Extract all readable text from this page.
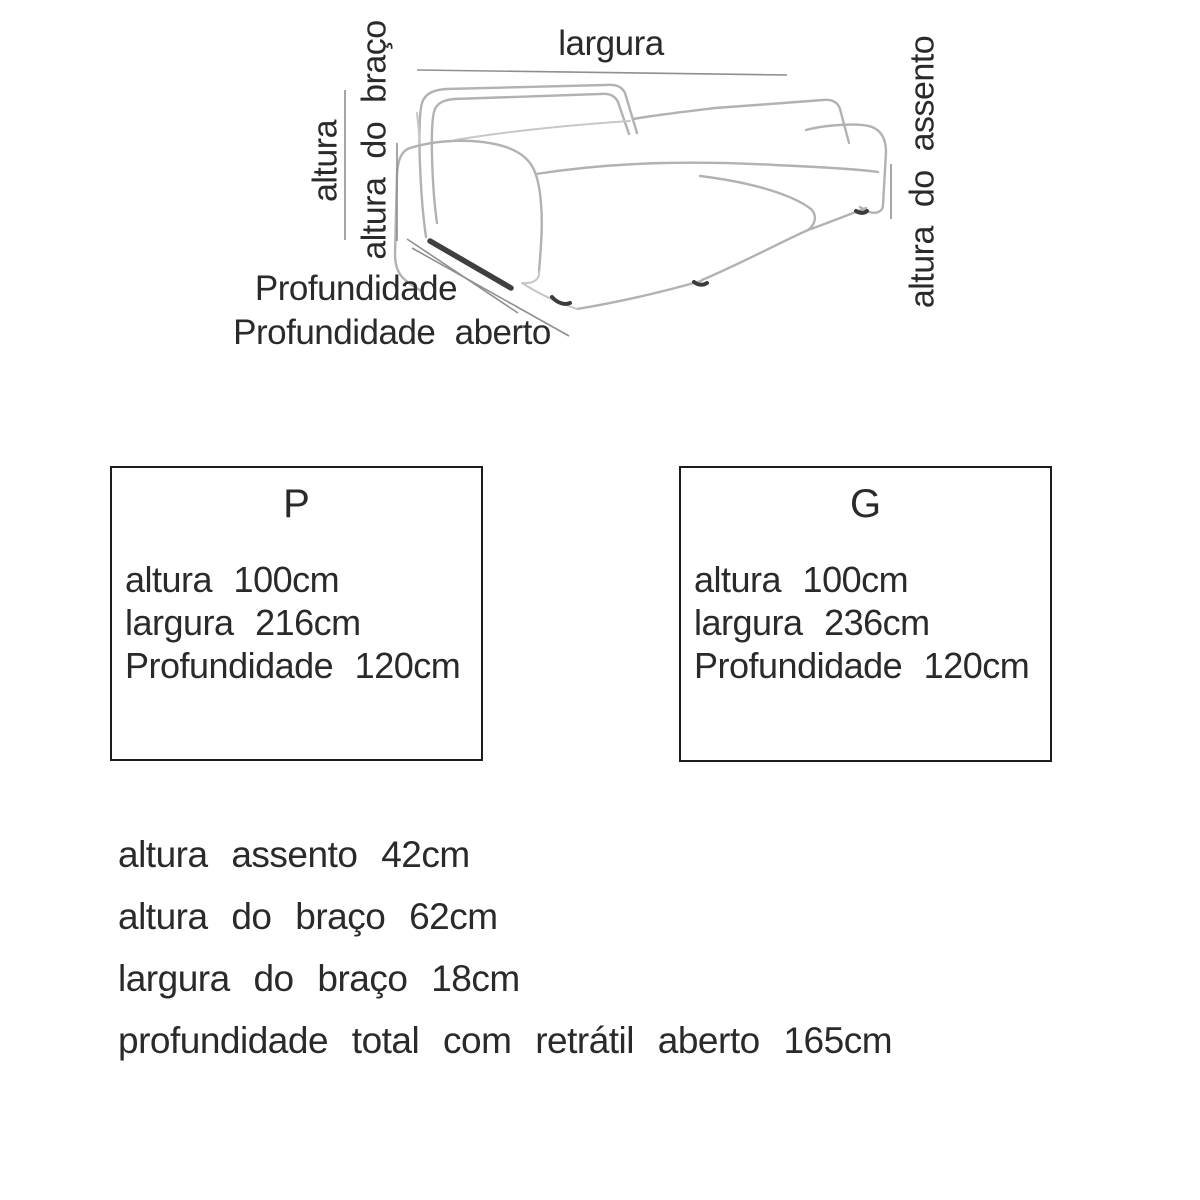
largura
altura altura do braço	altura do assento
Profundidade
Profundidade aberto
P
altura 100cm
largura 216cm
Profundidade 120cm
G
altura 100cm
largura 236cm
Profundidade 120cm
altura assento 42cm
altura do braço 62cm
largura do braço 18cm
profundidade total com retrátil aberto 165cm
